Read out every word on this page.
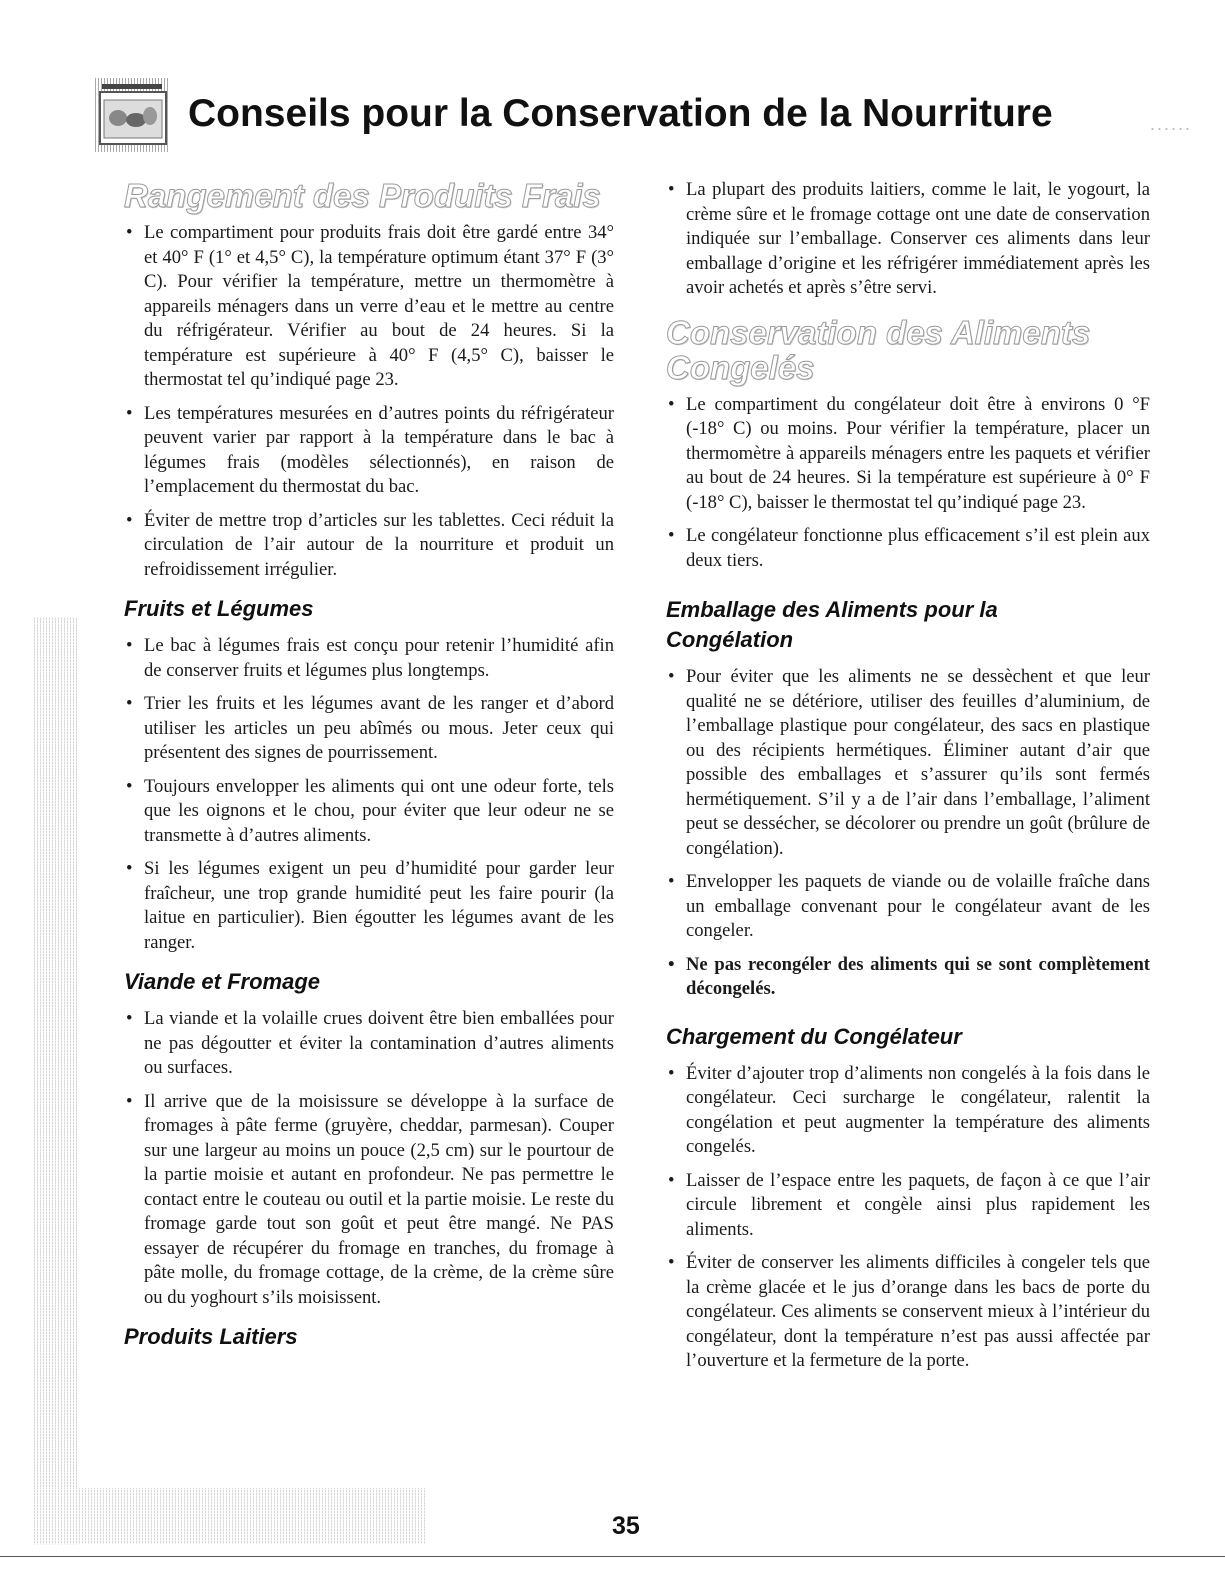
Conseils pour la Conservation de la Nourriture	......
Rangement des Produits Frais
• Le compartiment pour produits frais doit être gardé entre 34° et 40° F (1° et 4,5° C), la température optimum étant 37° F (3° C). Pour vérifier la température, mettre un thermomètre à appareils ménagers dans un verre d’eau et le mettre au centre du réfrigérateur. Vérifier au bout de 24 heures. Si la température est supérieure à 40° F (4,5° C), baisser le thermostat tel qu’indiqué page 23.
• Les températures mesurées en d’autres points du réfrigérateur peuvent varier par rapport à la température dans le bac à légumes frais (modèles sélectionnés), en raison de l’emplacement du thermostat du bac.
• Éviter de mettre trop d’articles sur les tablettes. Ceci réduit la circulation de l’air autour de la nourriture et produit un refroidissement irrégulier.
Fruits et Légumes
• Le bac à légumes frais est conçu pour retenir l’humidité afin de conserver fruits et légumes plus longtemps.
• Trier les fruits et les légumes avant de les ranger et d’abord utiliser les articles un peu abîmés ou mous. Jeter ceux qui présentent des signes de pourrissement.
• Toujours envelopper les aliments qui ont une odeur forte, tels que les oignons et le chou, pour éviter que leur odeur ne se transmette à d’autres aliments.
• Si les légumes exigent un peu d’humidité pour garder leur fraîcheur, une trop grande humidité peut les faire pourir (la laitue en particulier). Bien égoutter les légumes avant de les ranger.
Viande et Fromage
• La viande et la volaille crues doivent être bien emballées pour ne pas dégoutter et éviter la contamination d’autres aliments ou surfaces.
• Il arrive que de la moisissure se développe à la surface de fromages à pâte ferme (gruyère, cheddar, parmesan). Couper sur une largeur au moins un pouce (2,5 cm) sur le pourtour de la partie moisie et autant en profondeur. Ne pas permettre le contact entre le couteau ou outil et la partie moisie. Le reste du fromage garde tout son goût et peut être mangé. Ne PAS essayer de récupérer du fromage en tranches, du fromage à pâte molle, du fromage cottage, de la crème, de la crème sûre ou du yoghourt s’ils moisissent.
Produits Laitiers
• La plupart des produits laitiers, comme le lait, le yogourt, la crème sûre et le fromage cottage ont une date de conservation indiquée sur l’emballage. Conserver ces aliments dans leur emballage d’origine et les réfrigérer immédiatement après les avoir achetés et après s’être servi.
Conservation des Aliments
Congelés
• Le compartiment du congélateur doit être à environs 0 °F (-18° C) ou moins. Pour vérifier la température, placer un thermomètre à appareils ménagers entre les paquets et vérifier au bout de 24 heures. Si la température est supérieure à 0° F (-18° C), baisser le thermostat tel qu’indiqué page 23.
• Le congélateur fonctionne plus efficacement s’il est plein aux deux tiers.
Emballage des Aliments pour la
Congélation
• Pour éviter que les aliments ne se dessèchent et que leur qualité ne se détériore, utiliser des feuilles d’aluminium, de l’emballage plastique pour congélateur, des sacs en plastique ou des récipients hermétiques. Éliminer autant d’air que possible des emballages et s’assurer qu’ils sont fermés hermétiquement. S’il y a de l’air dans l’emballage, l’aliment peut se dessécher, se décolorer ou prendre un goût (brûlure de congélation).
• Envelopper les paquets de viande ou de volaille fraîche dans un emballage convenant pour le congélateur avant de les congeler.
• Ne pas recongéler des aliments qui se sont complètement décongelés.
Chargement du Congélateur
• Éviter d’ajouter trop d’aliments non congelés à la fois dans le congélateur. Ceci surcharge le congélateur, ralentit la congélation et peut augmenter la température des aliments congelés.
• Laisser de l’espace entre les paquets, de façon à ce que l’air circule librement et congèle ainsi plus rapidement les aliments.
• Éviter de conserver les aliments difficiles à congeler tels que la crème glacée et le jus d’orange dans les bacs de porte du congélateur. Ces aliments se conservent mieux à l’intérieur du congélateur, dont la température n’est pas aussi affectée par l’ouverture et la fermeture de la porte.

35
